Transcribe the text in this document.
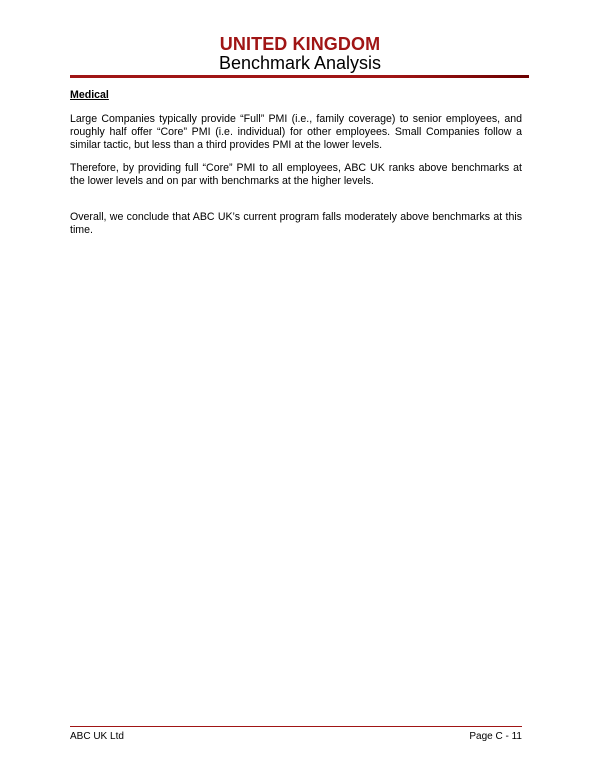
UNITED KINGDOM
Benchmark Analysis
Medical

Large Companies typically provide “Full” PMI (i.e., family coverage) to senior employees, and roughly half offer “Core” PMI (i.e. individual) for other employees. Small Companies follow a similar tactic, but less than a third provides PMI at the lower levels.

Therefore, by providing full “Core” PMI to all employees, ABC UK ranks above benchmarks at the lower levels and on par with benchmarks at the higher levels.

Overall, we conclude that ABC UK’s current program falls moderately above benchmarks at this time.

ABC UK Ltd	Page C - 11
